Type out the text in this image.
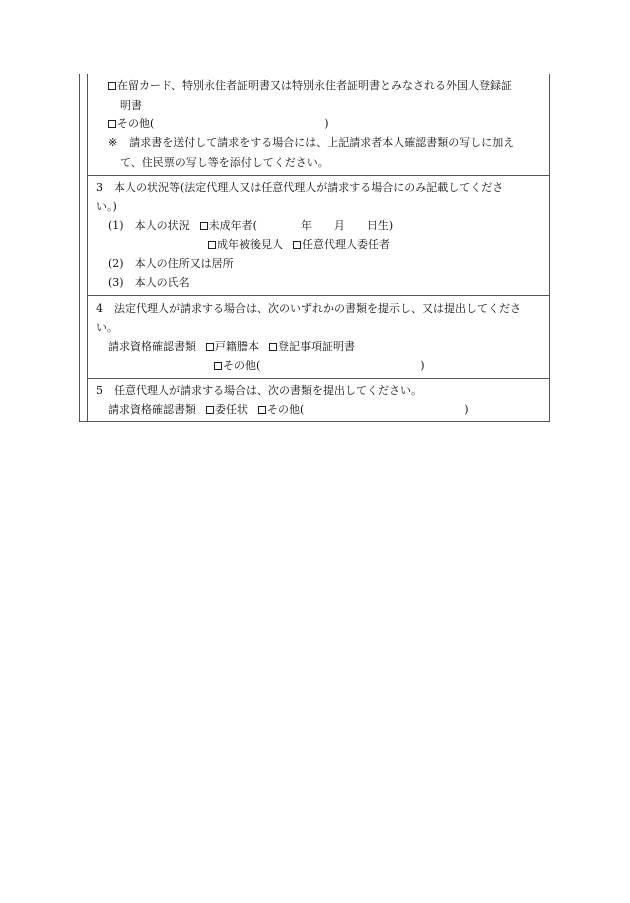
在留カード、特別永住者証明書又は特別永住者証明書とみなされる外国人登録証
明書
その他(	)
※ 請求書を送付して請求をする場合には、上記請求者本人確認書類の写しに加え
て、住民票の写し等を添付してください。
3　本人の状況等(法定代理人又は任意代理人が請求する場合にのみ記載してくださ
い。)
(1)　本人の状況 未成年者(	年 月 日生)
成年被後見人 任意代理人委任者
(2)　本人の住所又は居所
(3)　本人の氏名
4　法定代理人が請求する場合は、次のいずれかの書類を提示し、又は提出してくださ
い。
請求資格確認書類 戸籍謄本 登記事項証明書
その他(	)
5　任意代理人が請求する場合は、次の書類を提出してください。
請求資格確認書類 委任状 その他(	)
